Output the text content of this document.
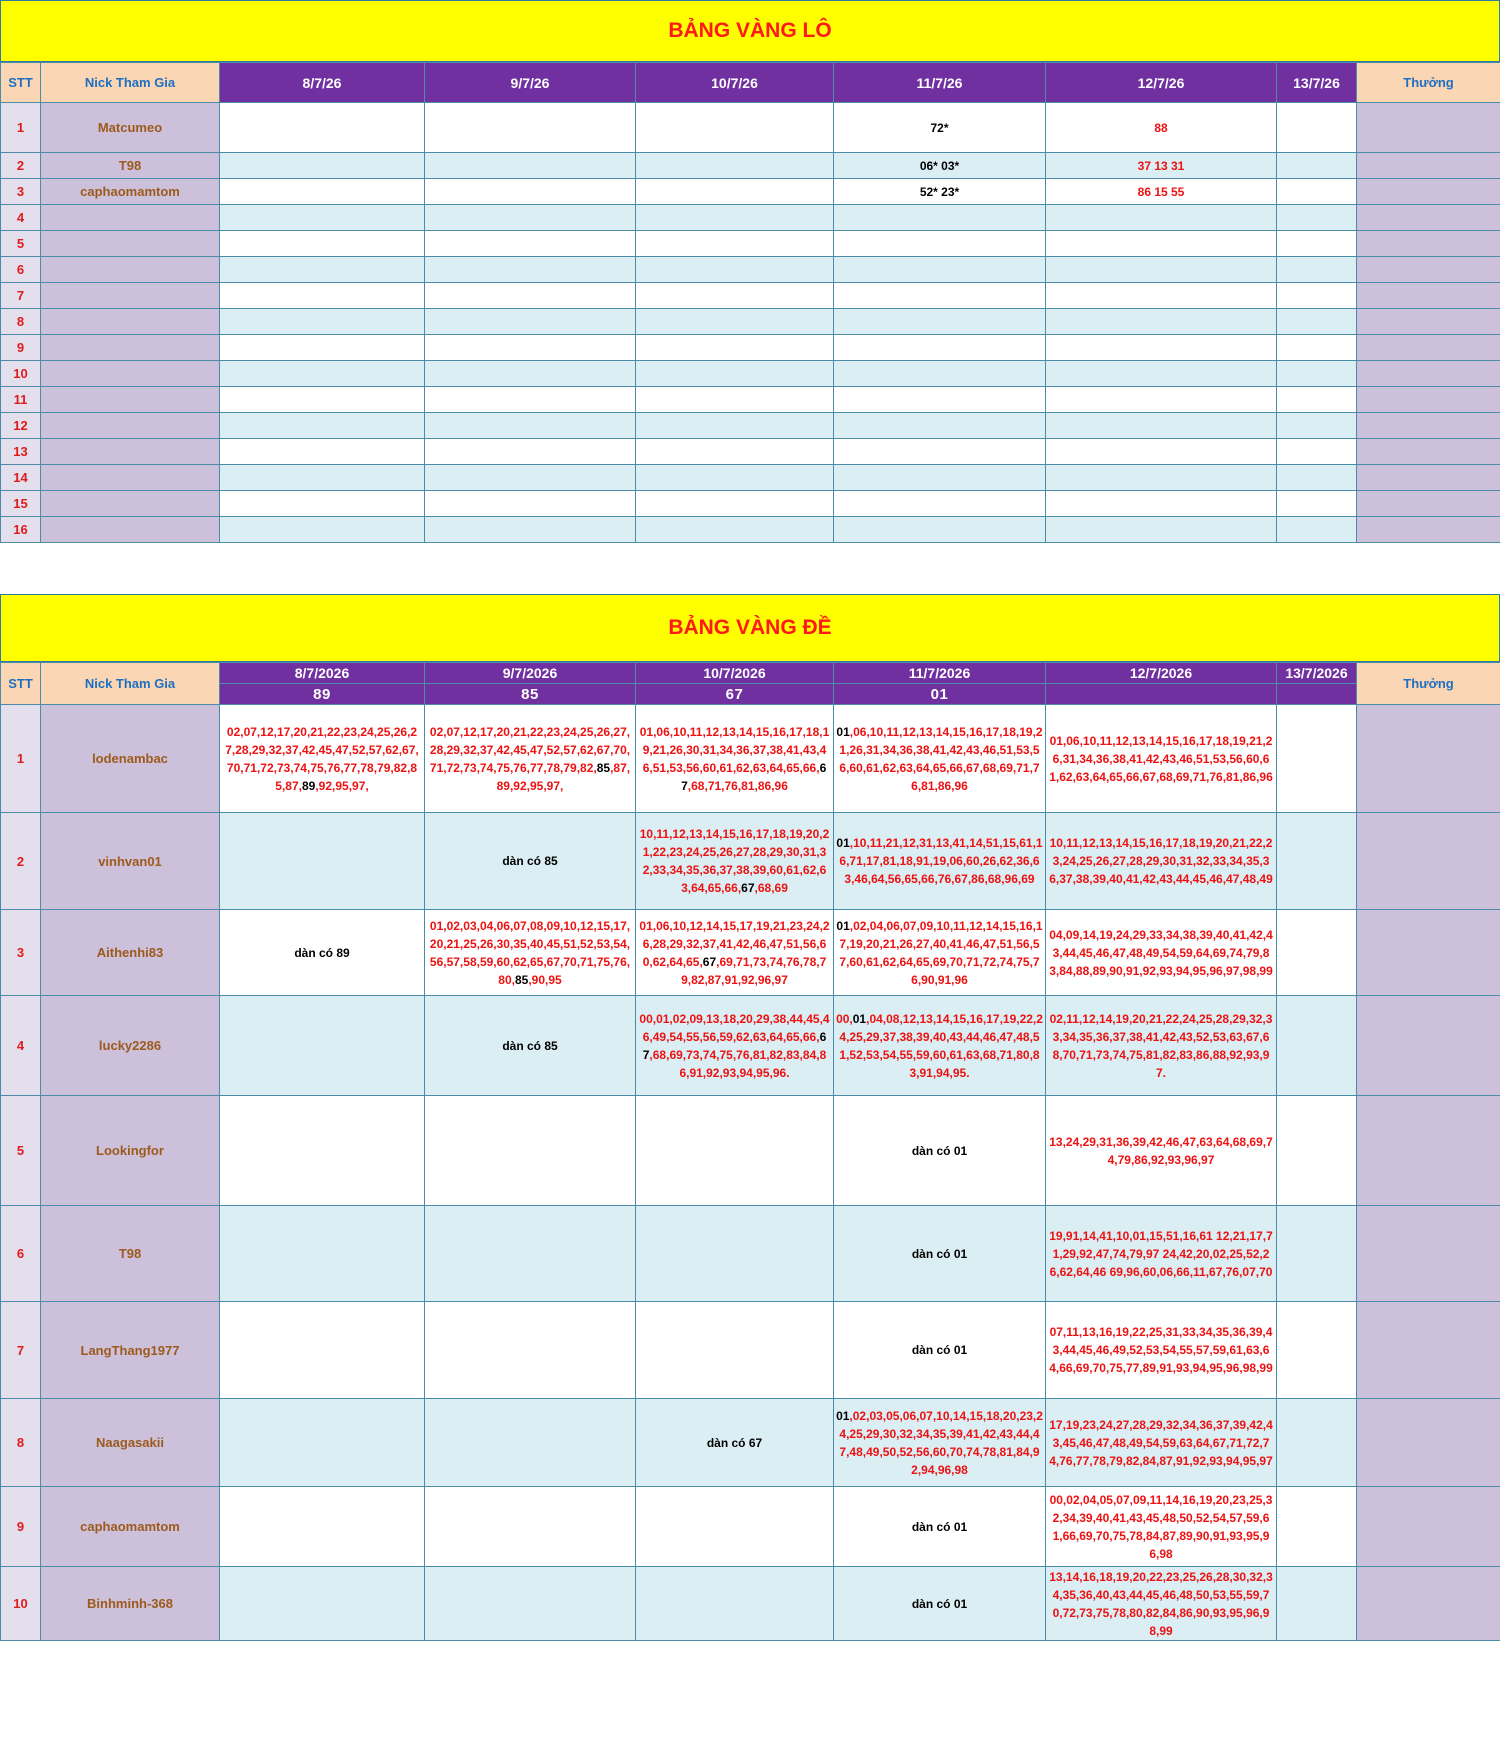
BẢNG VÀNG LÔ
STT	Nick Tham Gia	8/7/26	9/7/26	10/7/26	11/7/26	12/7/26	13/7/26	Thưởng
1	Matcumeo				72*	88		
2	T98				06* 03*	37 13 31		
3	caphaomamtom				52* 23*	86 15 55		
4								
5								
6								
7								
8								
9								
10								
11								
12								
13								
14								
15								
16								
BẢNG VÀNG ĐỀ
STT	Nick Tham Gia	8/7/2026	9/7/2026	10/7/2026	11/7/2026	12/7/2026	13/7/2026	Thưởng
		89	85	67	01			
1	lodenambac	02,07,12,17,20,21,22,23,24,25,26,27,28,29,32,37,42,45,47,52,57,62,67,70,71,72,73,74,75,76,77,78,79,82,85,87,89,92,95,97,	02,07,12,17,20,21,22,23,24,25,26,27,28,29,32,37,42,45,47,52,57,62,67,70,71,72,73,74,75,76,77,78,79,82,85,87,89,92,95,97,	01,06,10,11,12,13,14,15,16,17,18,19,21,26,30,31,34,36,37,38,41,43,46,51,53,56,60,61,62,63,64,65,66,67,68,71,76,81,86,96	01,06,10,11,12,13,14,15,16,17,18,19,21,26,31,34,36,38,41,42,43,46,51,53,56,60,61,62,63,64,65,66,67,68,69,71,76,81,86,96	01,06,10,11,12,13,14,15,16,17,18,19,21,26,31,34,36,38,41,42,43,46,51,53,56,60,61,62,63,64,65,66,67,68,69,71,76,81,86,96		

2	vinhvan01		dàn có 85	10,11,12,13,14,15,16,17,18,19,20,21,22,23,24,25,26,27,28,29,30,31,32,33,34,35,36,37,38,39,60,61,62,63,64,65,66,67,68,69	01,10,11,21,12,31,13,41,14,51,15,61,16,71,17,81,18,91,19,06,60,26,62,36,63,46,64,56,65,66,76,67,86,68,96,69	10,11,12,13,14,15,16,17,18,19,20,21,22,23,24,25,26,27,28,29,30,31,32,33,34,35,36,37,38,39,40,41,42,43,44,45,46,47,48,49		

3	Aithenhi83	dàn có 89	01,02,03,04,06,07,08,09,10,12,15,17,20,21,25,26,30,35,40,45,51,52,53,54,56,57,58,59,60,62,65,67,70,71,75,76,80,85,90,95	01,06,10,12,14,15,17,19,21,23,24,26,28,29,32,37,41,42,46,47,51,56,60,62,64,65,67,69,71,73,74,76,78,79,82,87,91,92,96,97	01,02,04,06,07,09,10,11,12,14,15,16,17,19,20,21,26,27,40,41,46,47,51,56,57,60,61,62,64,65,69,70,71,72,74,75,76,90,91,96	04,09,14,19,24,29,33,34,38,39,40,41,42,43,44,45,46,47,48,49,54,59,64,69,74,79,83,84,88,89,90,91,92,93,94,95,96,97,98,99		

4	lucky2286		dàn có 85	00,01,02,09,13,18,20,29,38,44,45,46,49,54,55,56,59,62,63,64,65,66,67,68,69,73,74,75,76,81,82,83,84,86,91,92,93,94,95,96.	00,01,04,08,12,13,14,15,16,17,19,22,24,25,29,37,38,39,40,43,44,46,47,48,51,52,53,54,55,59,60,61,63,68,71,80,83,91,94,95.	02,11,12,14,19,20,21,22,24,25,28,29,32,33,34,35,36,37,38,41,42,43,52,53,63,67,68,70,71,73,74,75,81,82,83,86,88,92,93,97.		

5	Lookingfor				dàn có 01	13,24,29,31,36,39,42,46,47,63,64,68,69,74,79,86,92,93,96,97		

6	T98				dàn có 01	19,91,14,41,10,01,15,51,16,61 12,21,17,71,29,92,47,74,79,97 24,42,20,02,25,52,26,62,64,46 69,96,60,06,66,11,67,76,07,70		

7	LangThang1977				dàn có 01	07,11,13,16,19,22,25,31,33,34,35,36,39,43,44,45,46,49,52,53,54,55,57,59,61,63,64,66,69,70,75,77,89,91,93,94,95,96,98,99		

8	Naagasakii			dàn có 67	01,02,03,05,06,07,10,14,15,18,20,23,24,25,29,30,32,34,35,39,41,42,43,44,47,48,49,50,52,56,60,70,74,78,81,84,92,94,96,98	17,19,23,24,27,28,29,32,34,36,37,39,42,43,45,46,47,48,49,54,59,63,64,67,71,72,74,76,77,78,79,82,84,87,91,92,93,94,95,97		

9	caphaomamtom				dàn có 01	00,02,04,05,07,09,11,14,16,19,20,23,25,32,34,39,40,41,43,45,48,50,52,54,57,59,61,66,69,70,75,78,84,87,89,90,91,93,95,96,98		

10	Binhminh-368				dàn có 01	13,14,16,18,19,20,22,23,25,26,28,30,32,34,35,36,40,43,44,45,46,48,50,53,55,59,70,72,73,75,78,80,82,84,86,90,93,95,96,98,99		
